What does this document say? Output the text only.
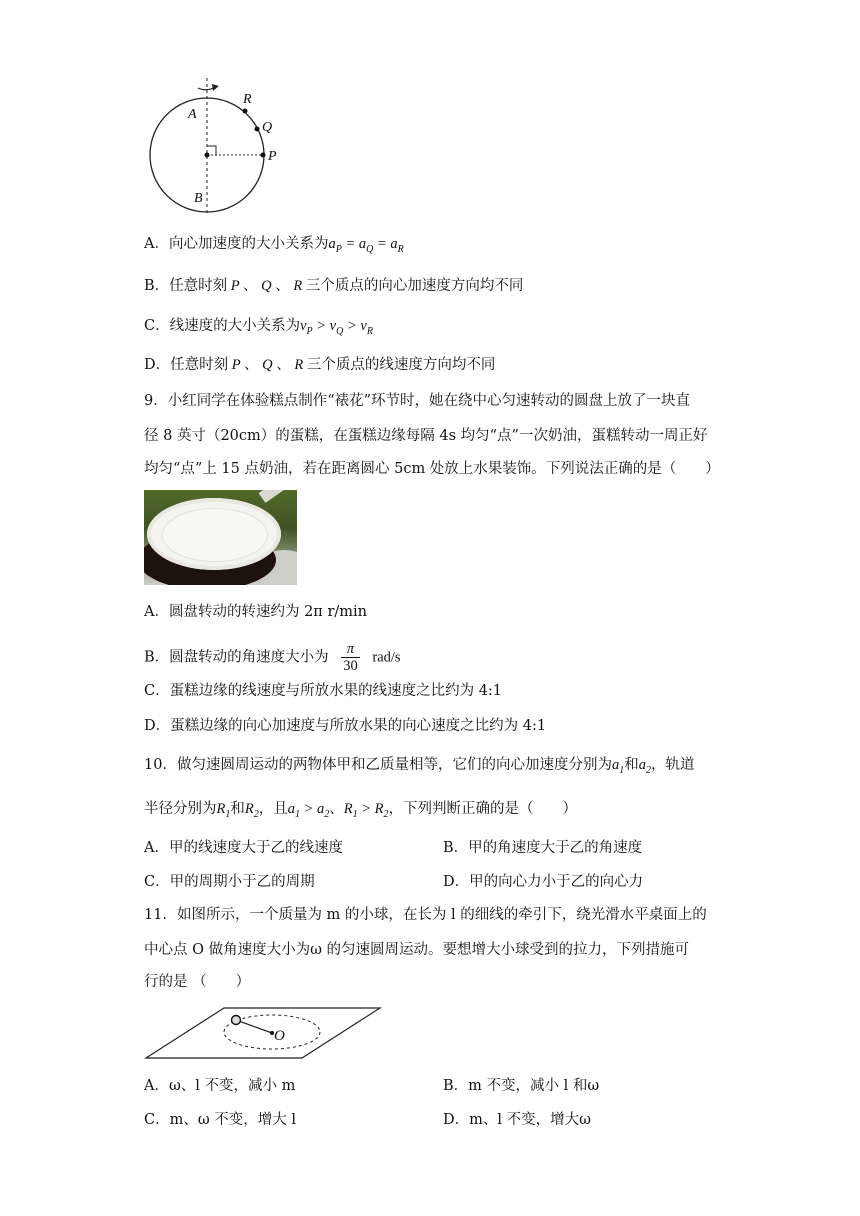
A
B
R
Q
P
A．向心加速度的大小关系为$a_P = a_Q = a_R$
B．任意时刻 P 、 Q 、 R 三个质点的向心加速度方向均不同
C．线速度的大小关系为$v_P > v_Q > v_R$
D．任意时刻 P 、 Q 、 R 三个质点的线速度方向均不同
9．小红同学在体验糕点制作“裱花”环节时，她在绕中心匀速转动的圆盘上放了一块直
径 8 英寸（20cm）的蛋糕，在蛋糕边缘每隔 4s 均匀“点”一次奶油，蛋糕转动一周正好
均匀“点”上 15 点奶油，若在距离圆心 5cm 处放上水果装饰。下列说法正确的是（　　）
A．圆盘转动的转速约为 2π r/min
B．圆盘转动的角速度大小为 $\frac{\pi}{30} rad/s$
C．蛋糕边缘的线速度与所放水果的线速度之比约为 4:1
D．蛋糕边缘的向心加速度与所放水果的向心速度之比约为 4:1
10．做匀速圆周运动的两物体甲和乙质量相等，它们的向心加速度分别为$a_1$和$a_2$，轨道
半径分别为$R_1$和$R_2$，且$a_1 > a_2$、$R_1 > R_2$，下列判断正确的是（　　）
A．甲的线速度大于乙的线速度	B．甲的角速度大于乙的角速度
C．甲的周期小于乙的周期	D．甲的向心力小于乙的向心力
11．如图所示，一个质量为 m 的小球，在长为 l 的细线的牵引下，绕光滑水平桌面上的
中心点 O 做角速度大小为ω 的匀速圆周运动。要想增大小球受到的拉力，下列措施可
行的是 （　　）
O
A．ω、l 不变，减小 m	B．m 不变，减小 l 和ω
C．m、ω 不变，增大 l	D．m、l 不变，增大ω
